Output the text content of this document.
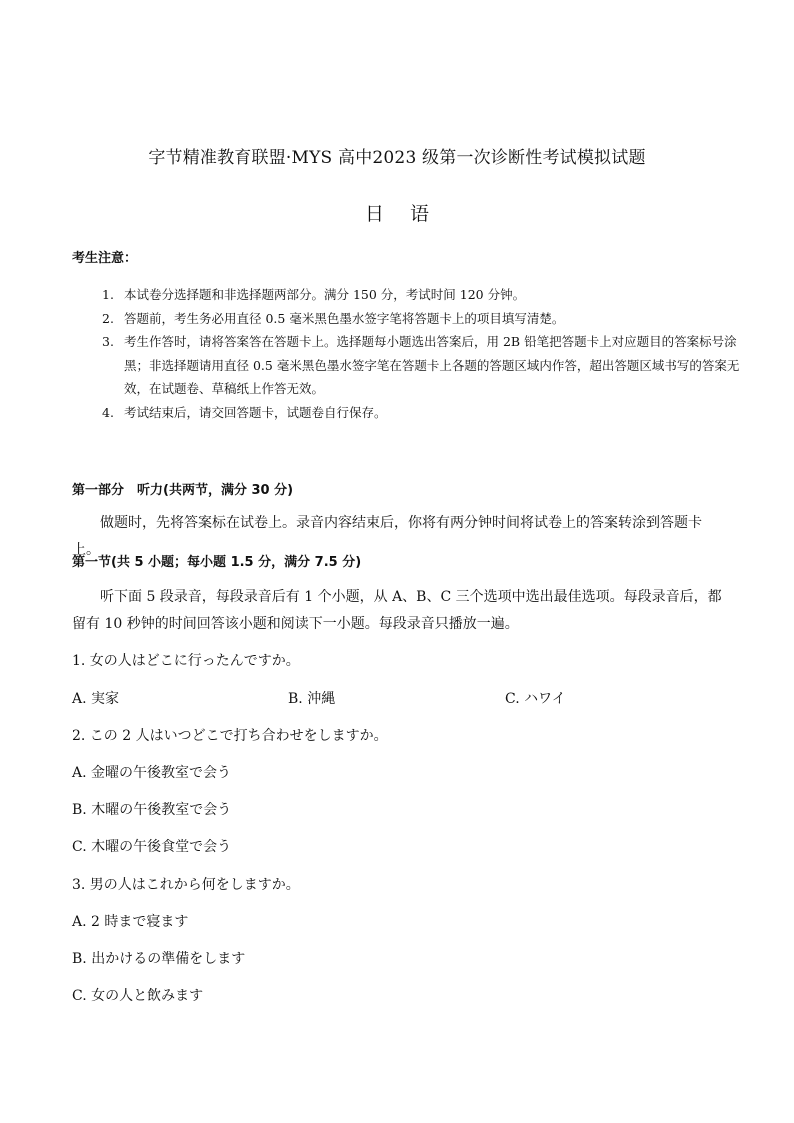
字节精准教育联盟·MYS 高中2023 级第一次诊断性考试模拟试题
日语
考生注意：
1. 本试卷分选择题和非选择题两部分。满分 150 分，考试时间 120 分钟。
2. 答题前，考生务必用直径 0.5 毫米黑色墨水签字笔将答题卡上的项目填写清楚。
3. 考生作答时，请将答案答在答题卡上。选择题每小题选出答案后，用 2B 铅笔把答题卡上对应题目的答案标号涂黑；非选择题请用直径 0.5 毫米黑色墨水签字笔在答题卡上各题的答题区域内作答，超出答题区域书写的答案无效，在试题卷、草稿纸上作答无效。
4. 考试结束后，请交回答题卡，试题卷自行保存。
第一部分　听力(共两节，满分 30 分)
做题时，先将答案标在试卷上。录音内容结束后，你将有两分钟时间将试卷上的答案转涂到答题卡上。
第一节(共 5 小题；每小题 1.5 分，满分 7.5 分)
听下面 5 段录音，每段录音后有 1 个小题，从 A、B、C 三个选项中选出最佳选项。每段录音后，都留有 10 秒钟的时间回答该小题和阅读下一小题。每段录音只播放一遍。
1. 女の人はどこに行ったんですか。
A. 実家	B. 沖縄	C. ハワイ
2. この 2 人はいつどこで打ち合わせをしますか。
A. 金曜の午後教室で会う
B. 木曜の午後教室で会う
C. 木曜の午後食堂で会う
3. 男の人はこれから何をしますか。
A. 2 時まで寝ます
B. 出かけるの準備をします
C. 女の人と飲みます
